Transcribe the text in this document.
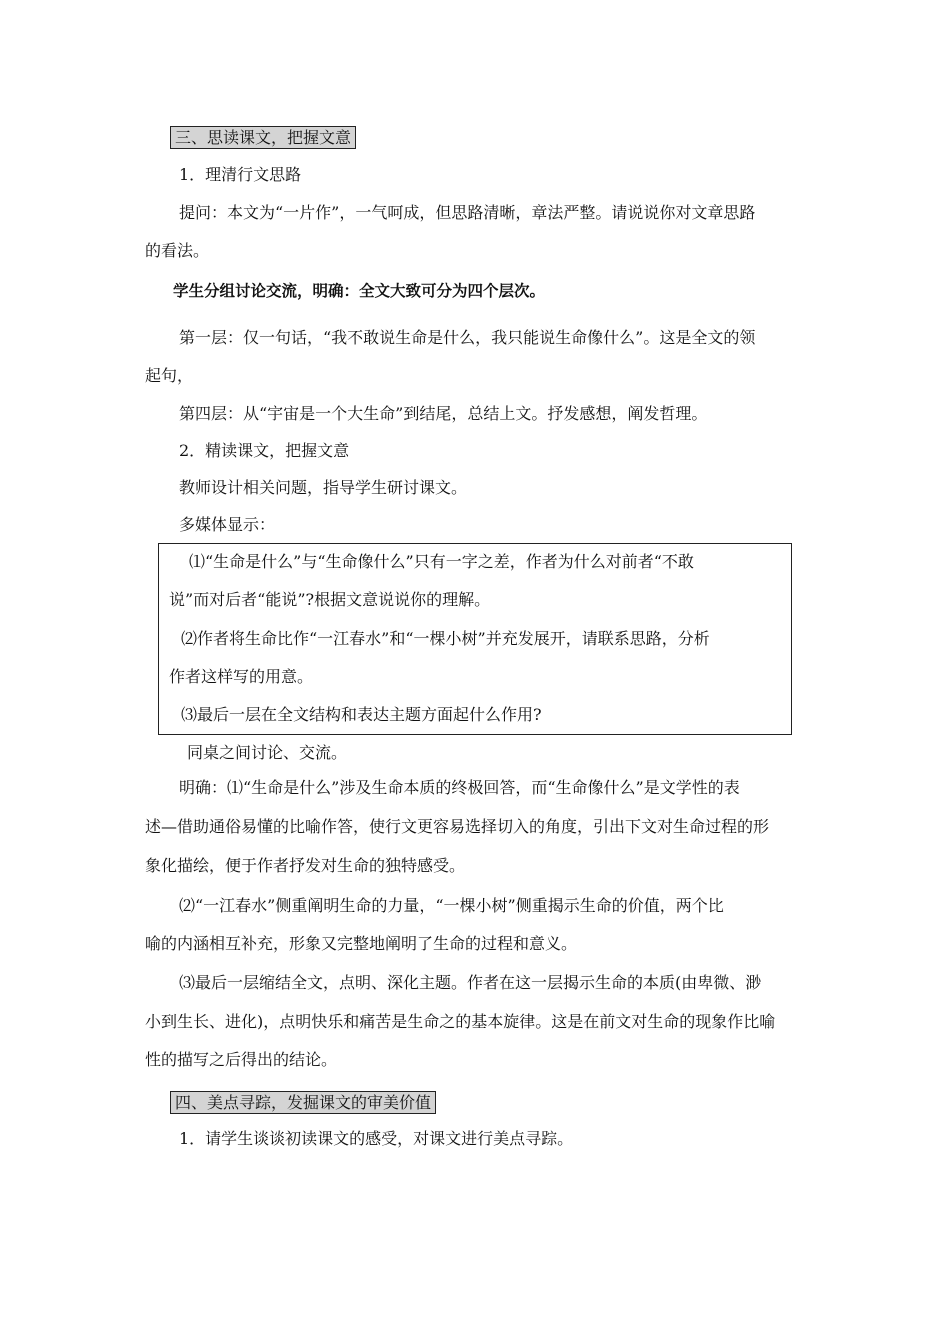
三、思读课文，把握文意
1．理清行文思路
提问：本文为“一片作”，一气呵成，但思路清晰，章法严整。请说说你对文章思路
的看法。
学生分组讨论交流，明确：全文大致可分为四个层次。
第一层：仅一句话，“我不敢说生命是什么，我只能说生命像什么”。这是全文的领
起句，
第四层：从“宇宙是一个大生命”到结尾，总结上文。抒发感想，阐发哲理。
2．精读课文，把握文意
教师设计相关问题，指导学生研讨课文。
多媒体显示：
⑴“生命是什么”与“生命像什么”只有一字之差，作者为什么对前者“不敢
说”而对后者“能说”?根据文意说说你的理解。
⑵作者将生命比作“一江春水”和“一棵小树”并充发展开，请联系思路，分析
作者这样写的用意。
⑶最后一层在全文结构和表达主题方面起什么作用?
同桌之间讨论、交流。
明确：⑴“生命是什么”涉及生命本质的终极回答，而“生命像什么”是文学性的表
述—借助通俗易懂的比喻作答，使行文更容易选择切入的角度，引出下文对生命过程的形
象化描绘，便于作者抒发对生命的独特感受。
⑵“一江春水”侧重阐明生命的力量，“一棵小树”侧重揭示生命的价值，两个比
喻的内涵相互补充，形象又完整地阐明了生命的过程和意义。
⑶最后一层缩结全文，点明、深化主题。作者在这一层揭示生命的本质(由卑微、渺
小到生长、进化)，点明快乐和痛苦是生命之的基本旋律。这是在前文对生命的现象作比喻
性的描写之后得出的结论。
四、美点寻踪，发掘课文的审美价值
1．请学生谈谈初读课文的感受，对课文进行美点寻踪。
